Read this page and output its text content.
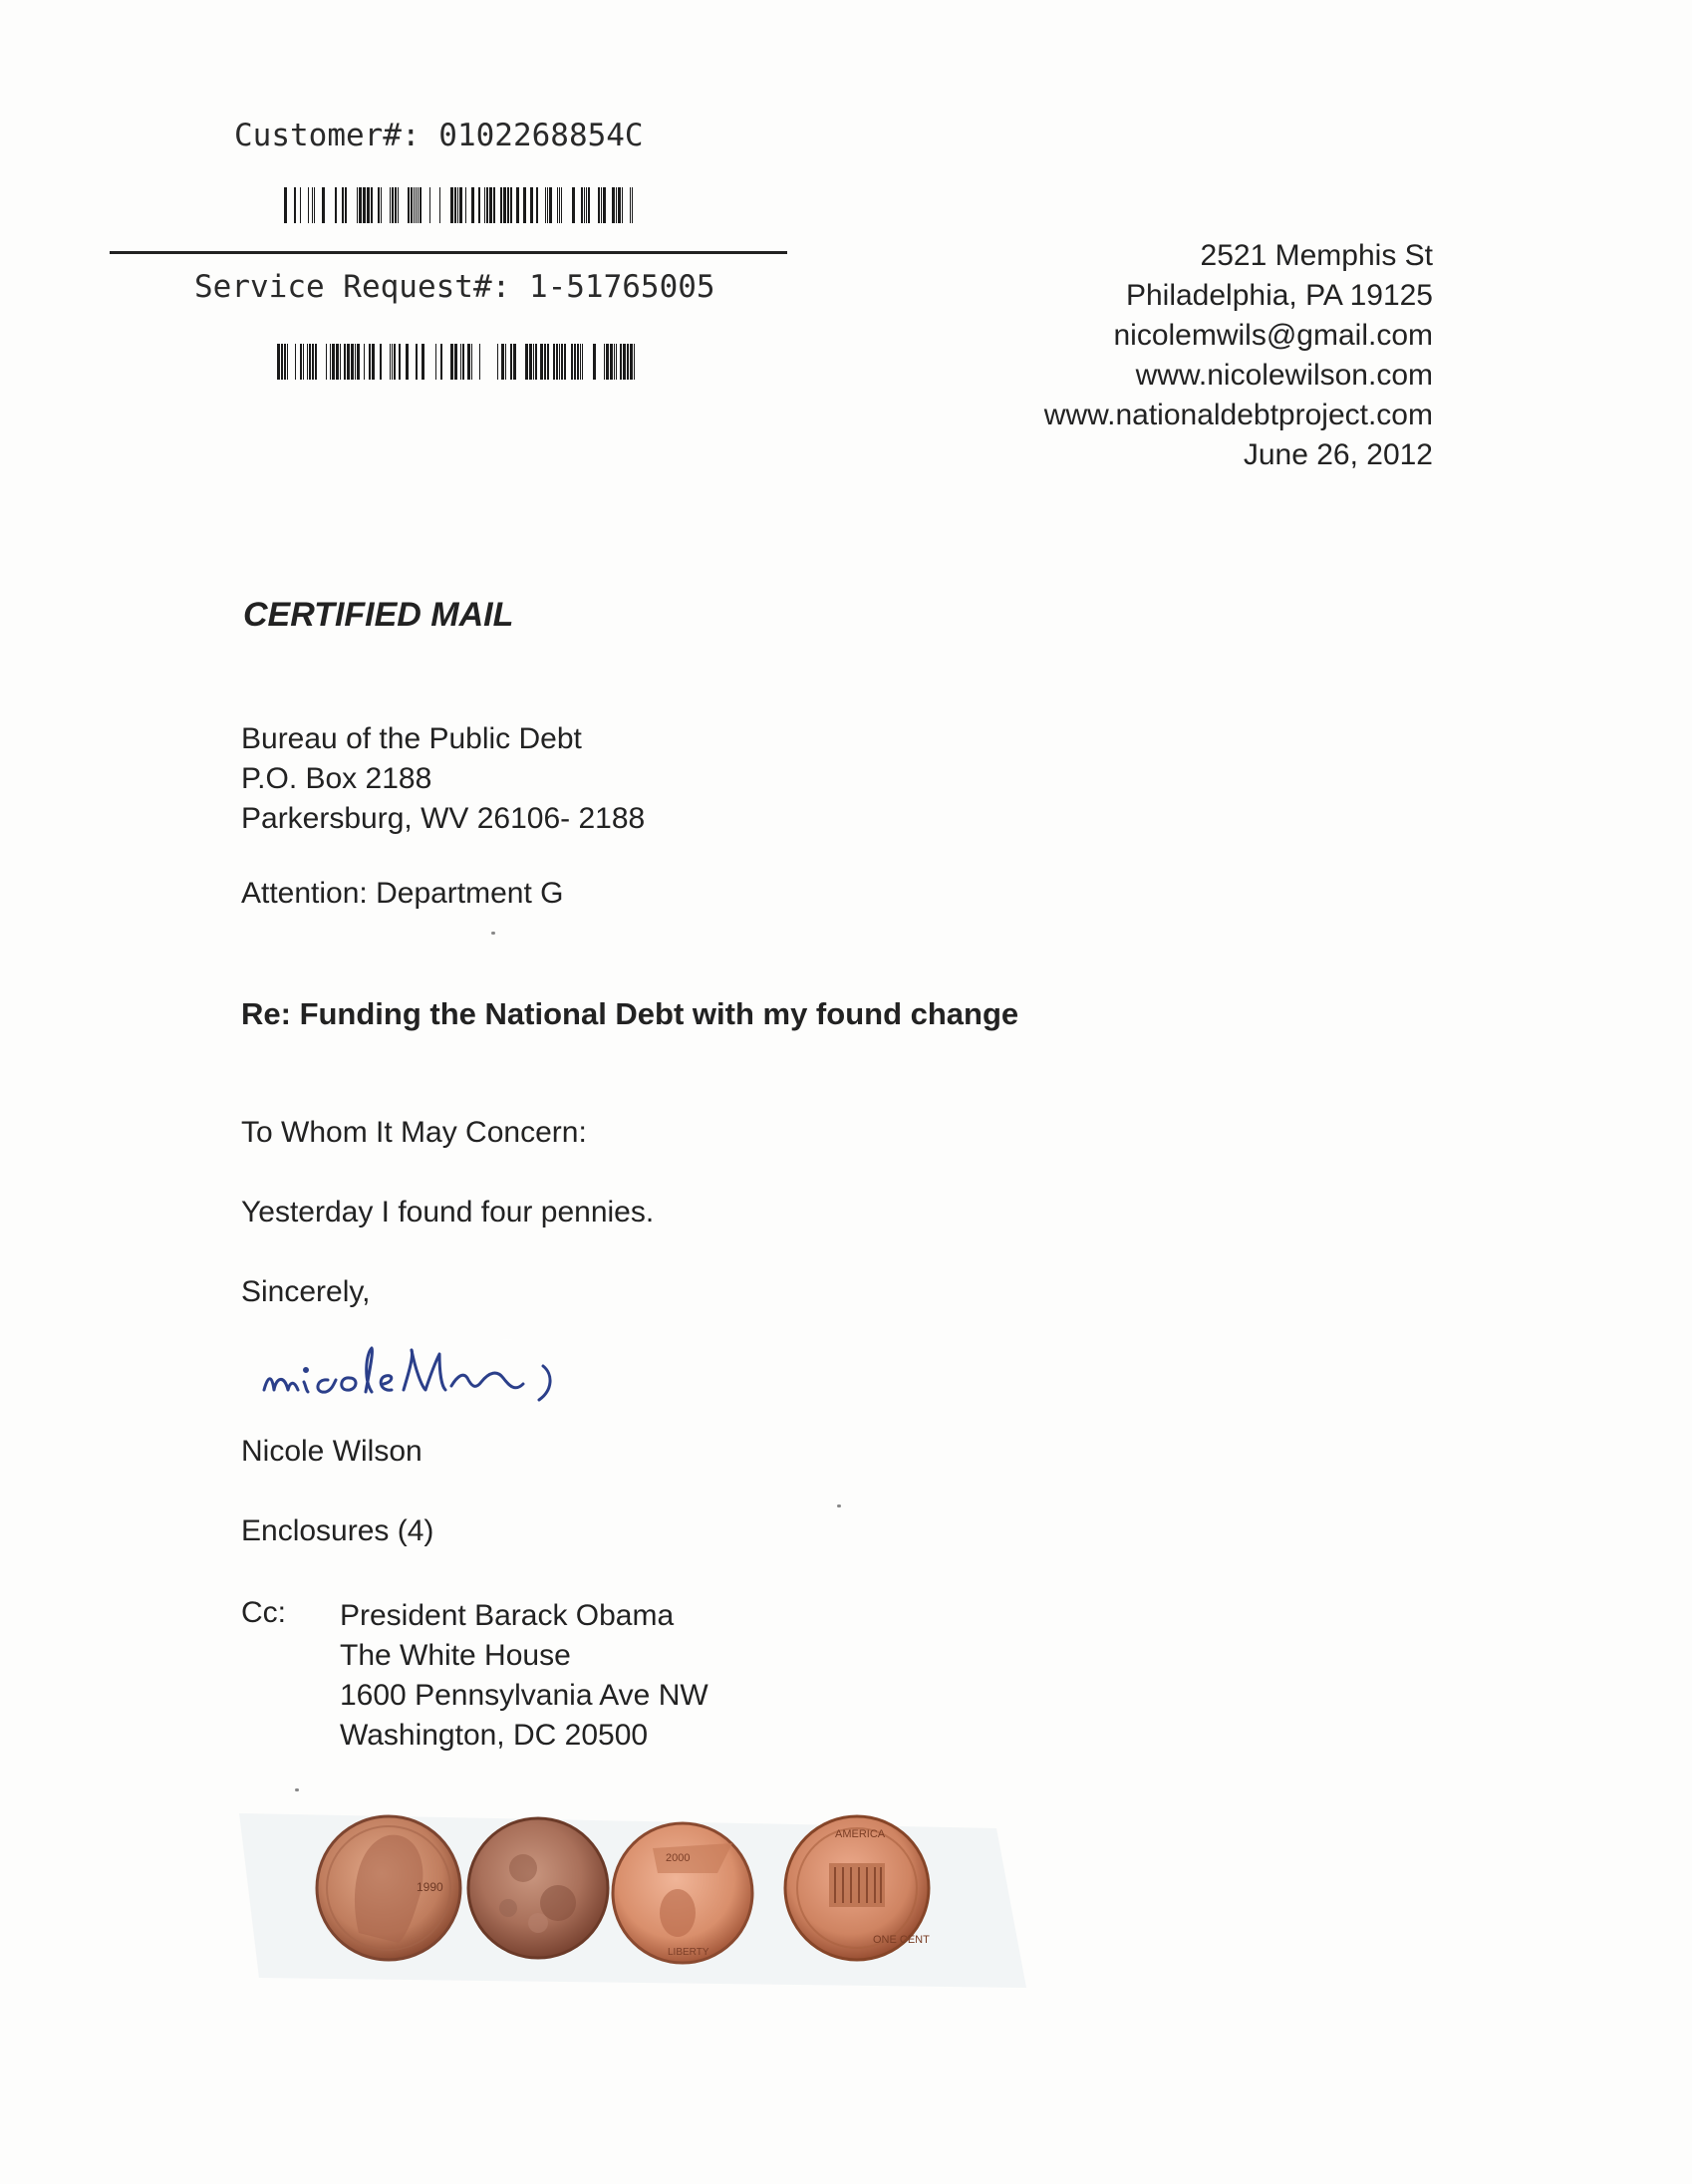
Customer#: 0102268854C
Service Request#: 1-51765005
2521 Memphis St
Philadelphia, PA 19125
nicolemwils@gmail.com
www.nicolewilson.com
www.nationaldebtproject.com
June 26, 2012
CERTIFIED MAIL
Bureau of the Public Debt
P.O. Box 2188
Parkersburg, WV 26106- 2188
Attention: Department G
Re: Funding the National Debt with my found change
To Whom It May Concern:
Yesterday I found four pennies.
Sincerely,
nicole Wil
Nicole Wilson
Enclosures (4)
Cc: President Barack Obama
The White House
1600 Pennsylvania Ave NW
Washington, DC 20500
1990
2000
LIBERTY
AMERICA
ONE CENT
